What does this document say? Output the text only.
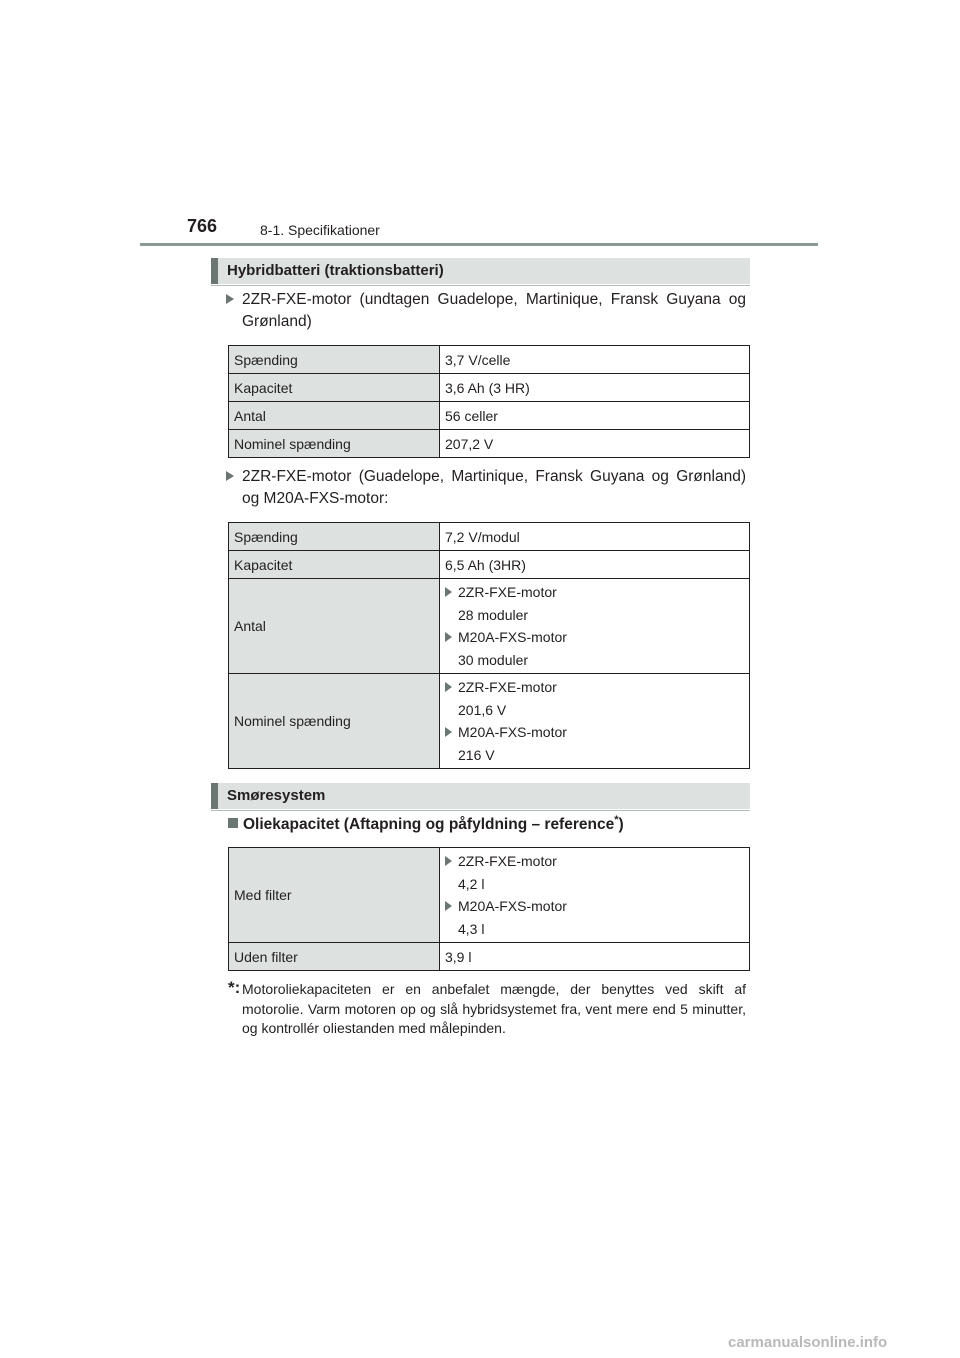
766	8-1. Specifikationer
Hybridbatteri (traktionsbatteri)
2ZR-FXE-motor (undtagen Guadelope, Martinique, Fransk Guyana og Grønland)
Spænding	3,7 V/celle
Kapacitet	3,6 Ah (3 HR)
Antal	56 celler
Nominel spænding	207,2 V
2ZR-FXE-motor (Guadelope, Martinique, Fransk Guyana og Grønland) og M20A-FXS-motor:
Spænding	7,2 V/modul
Kapacitet	6,5 Ah (3HR)
Antal	2ZR-FXE-motor
28 moduler
M20A-FXS-motor
30 moduler

Nominel spænding	2ZR-FXE-motor
201,6 V
M20A-FXS-motor
216 V
Smøresystem
Oliekapacitet (Aftapning og påfyldning – reference*)
Med filter	2ZR-FXE-motor
4,2 l
M20A-FXS-motor
4,3 l

Uden filter	3,9 l
*: Motoroliekapaciteten er en anbefalet mængde, der benyttes ved skift af motorolie. Varm motoren op og slå hybridsystemet fra, vent mere end 5 minutter, og kontrollér oliestanden med målepinden.
carmanualsonline.info
